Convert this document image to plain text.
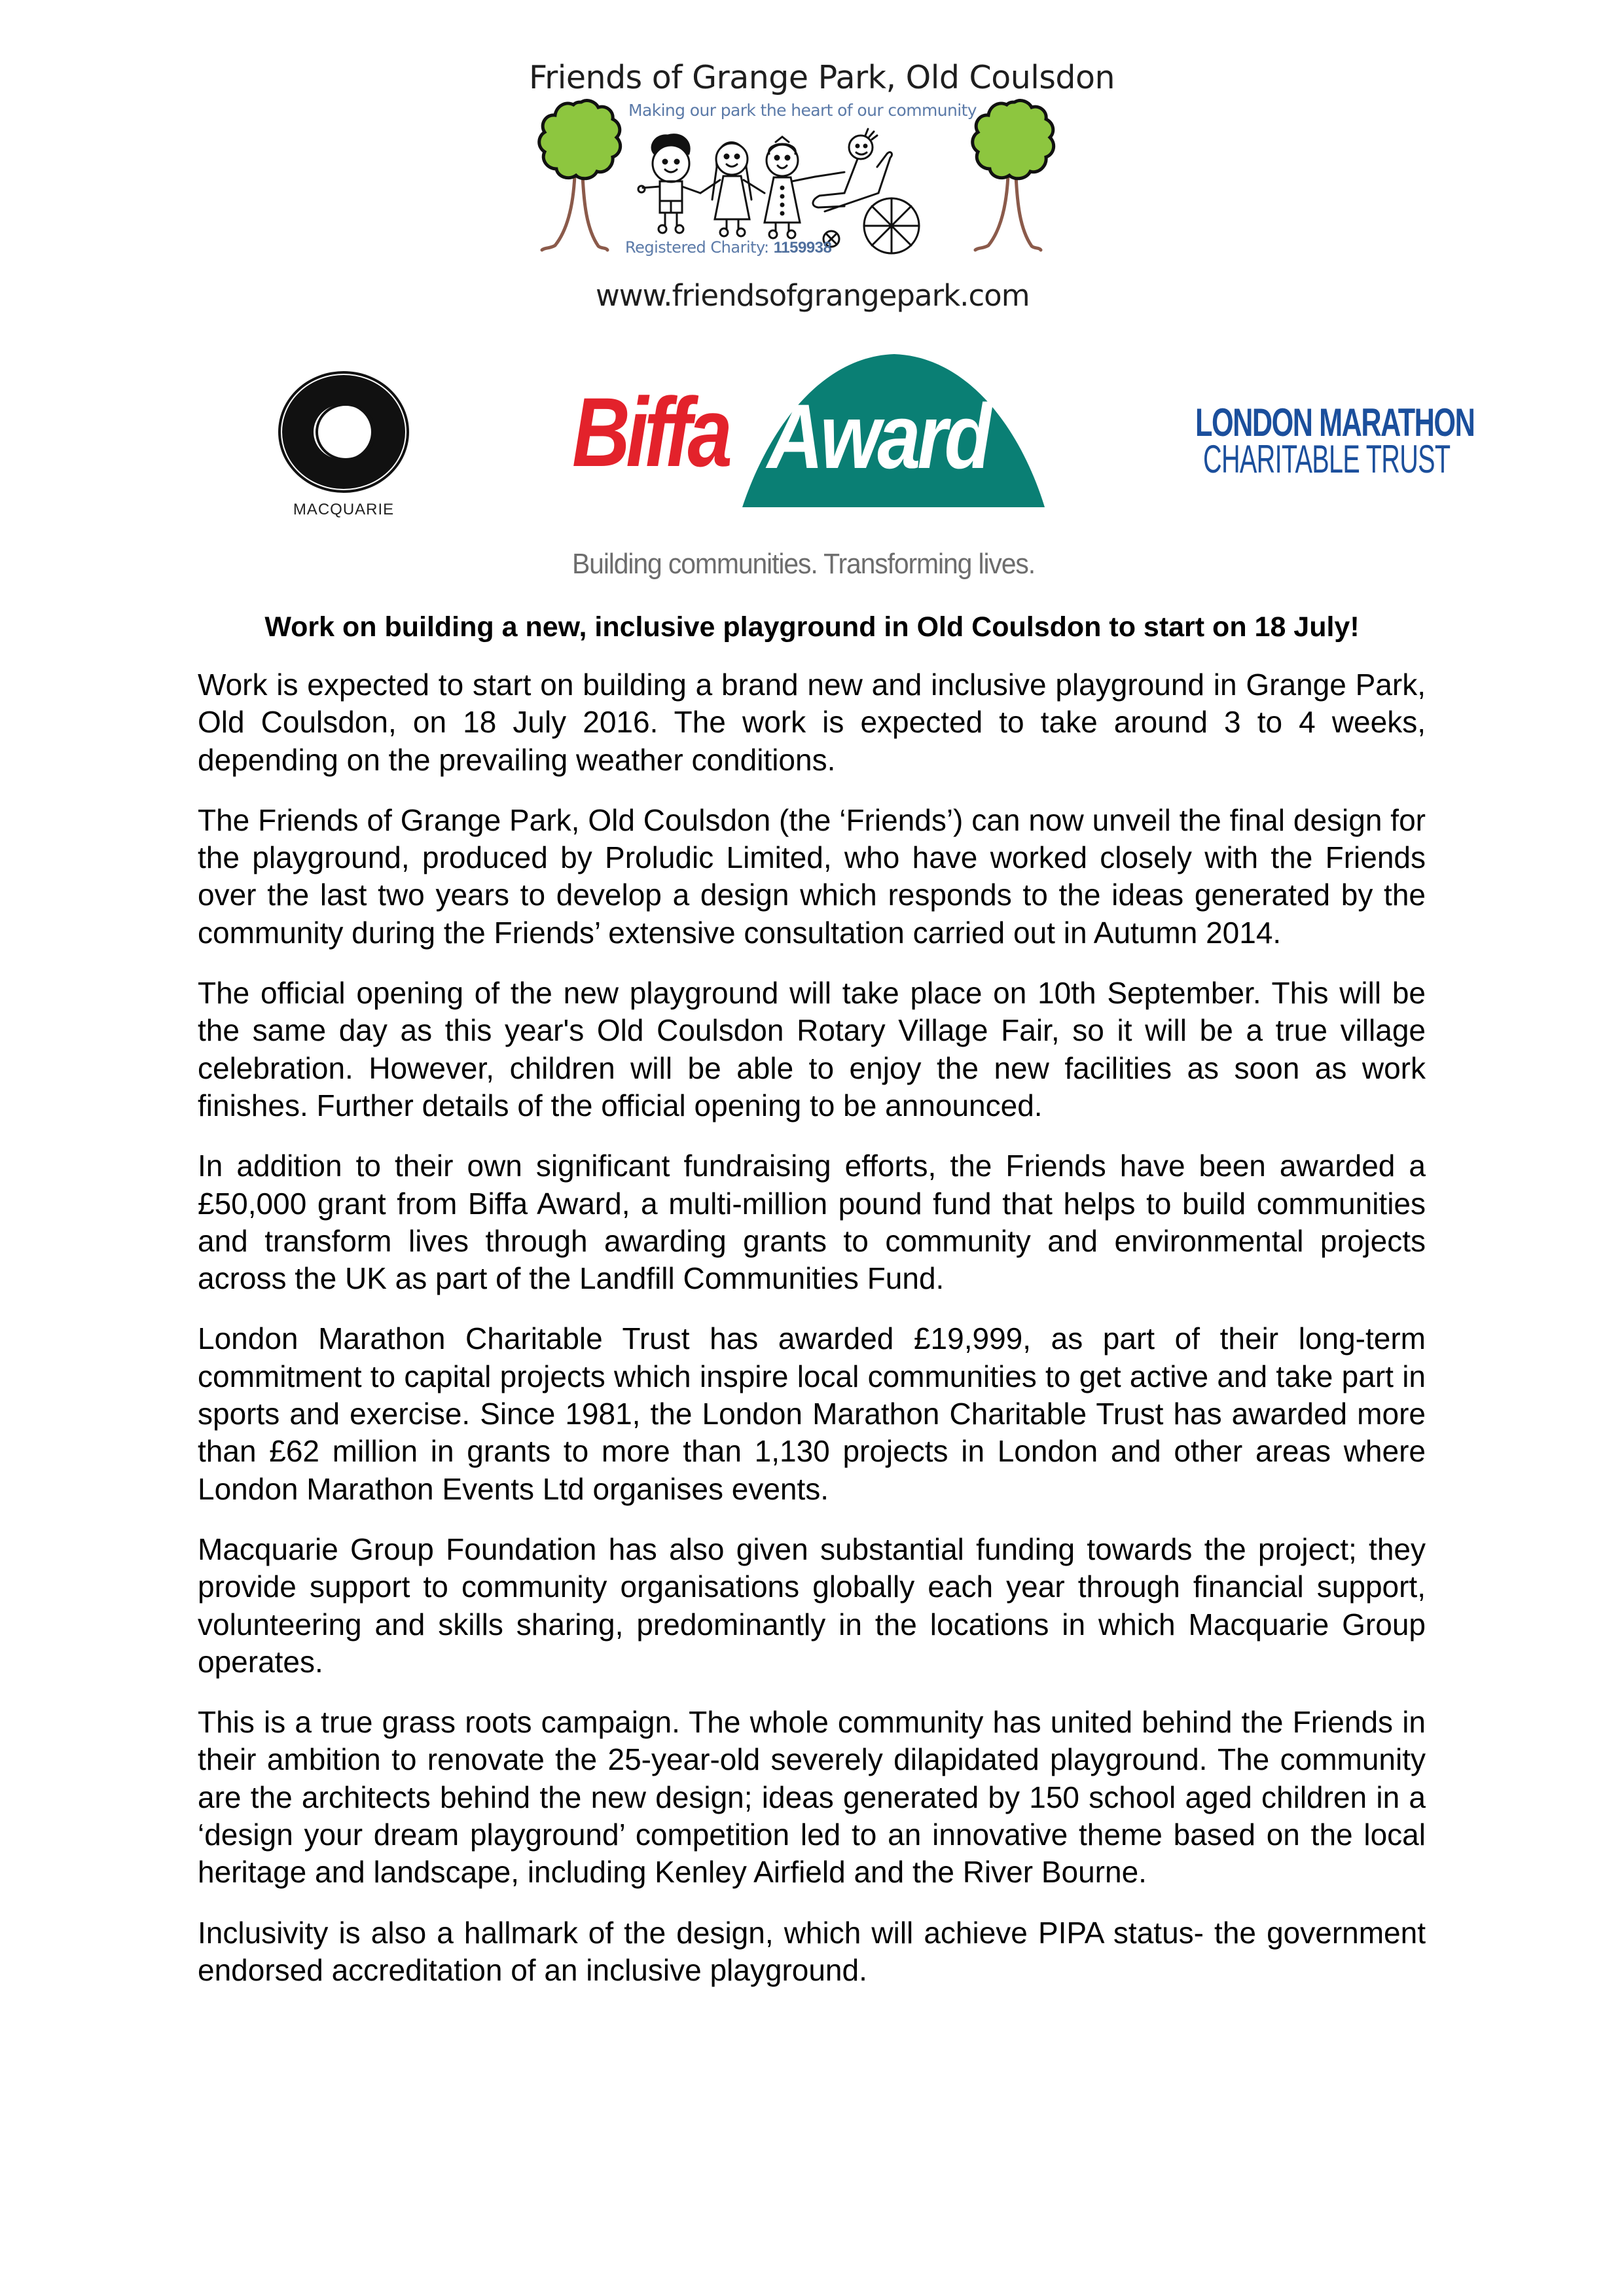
Friends of Grange Park, Old Coulsdon
Making our park the heart of our community
Registered Charity: 1159938
www.friendsofgrangepark.com
MACQUARIE
Biffa Award
Building communities. Transforming lives.
LONDON MARATHON
CHARITABLE TRUST
Work on building a new, inclusive playground in Old Coulsdon to start on 18 July!

Work is expected to start on building a brand new and inclusive playground in Grange Park, Old Coulsdon, on 18 July 2016. The work is expected to take around 3 to 4 weeks, depending on the prevailing weather conditions.

The Friends of Grange Park, Old Coulsdon (the ‘Friends’) can now unveil the final design for the playground, produced by Proludic Limited, who have worked closely with the Friends over the last two years to develop a design which responds to the ideas generated by the community during the Friends’ extensive consultation carried out in Autumn 2014.

The official opening of the new playground will take place on 10th September. This will be the same day as this year's Old Coulsdon Rotary Village Fair, so it will be a true village celebration. However, children will be able to enjoy the new facilities as soon as work finishes. Further details of the official opening to be announced.

In addition to their own significant fundraising efforts, the Friends have been awarded a £50,000 grant from Biffa Award, a multi-million pound fund that helps to build communities and transform lives through awarding grants to community and environmental projects across the UK as part of the Landfill Communities Fund.

London Marathon Charitable Trust has awarded £19,999, as part of their long-term commitment to capital projects which inspire local communities to get active and take part in sports and exercise. Since 1981, the London Marathon Charitable Trust has awarded more than £62 million in grants to more than 1,130 projects in London and other areas where London Marathon Events Ltd organises events.

Macquarie Group Foundation has also given substantial funding towards the project; they provide support to community organisations globally each year through financial support, volunteering and skills sharing, predominantly in the locations in which Macquarie Group operates.

This is a true grass roots campaign. The whole community has united behind the Friends in their ambition to renovate the 25-year-old severely dilapidated playground. The community are the architects behind the new design; ideas generated by 150 school aged children in a ‘design your dream playground’ competition led to an innovative theme based on the local heritage and landscape, including Kenley Airfield and the River Bourne.

Inclusivity is also a hallmark of the design, which will achieve PIPA status- the government endorsed accreditation of an inclusive playground.
